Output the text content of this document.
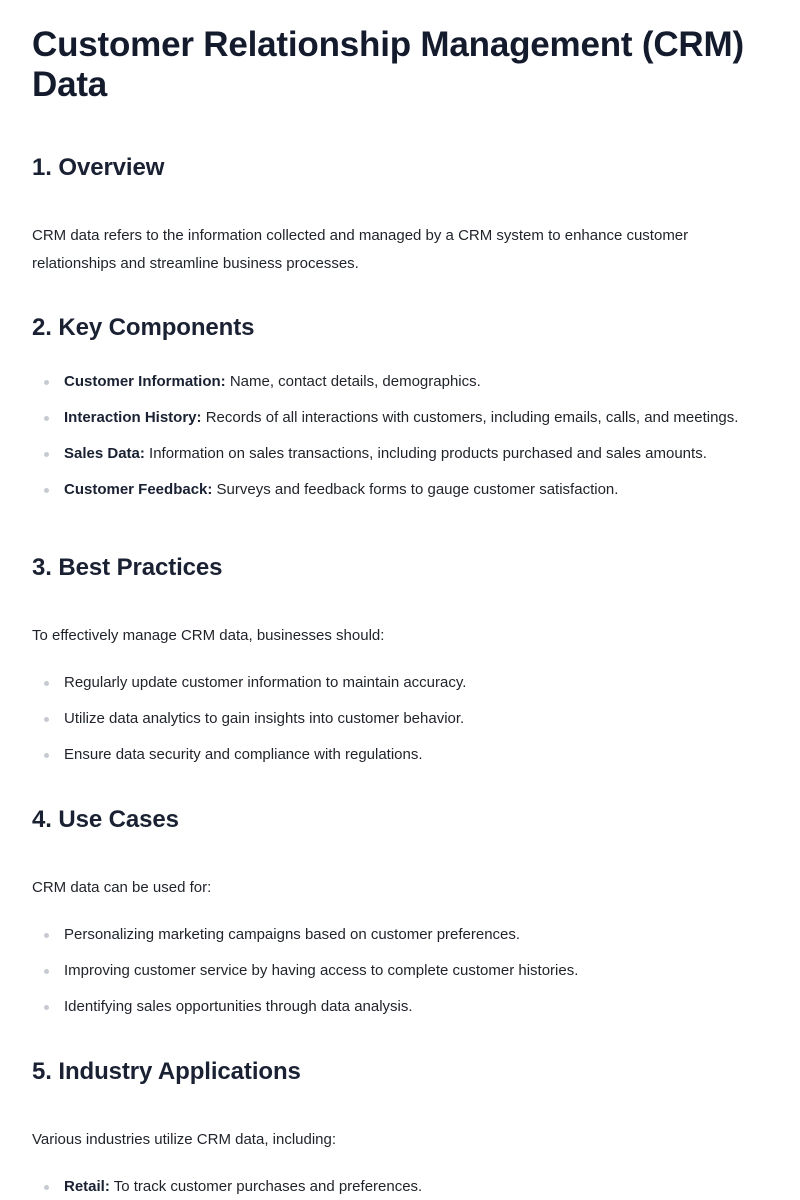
Customer Relationship Management (CRM) Data
1. Overview

CRM data refers to the information collected and managed by a CRM system to enhance customer relationships and streamline business processes.

2. Key Components
Customer Information: Name, contact details, demographics.
Interaction History: Records of all interactions with customers, including emails, calls, and meetings.
Sales Data: Information on sales transactions, including products purchased and sales amounts.
Customer Feedback: Surveys and feedback forms to gauge customer satisfaction.
3. Best Practices

To effectively manage CRM data, businesses should:

Regularly update customer information to maintain accuracy.
Utilize data analytics to gain insights into customer behavior.
Ensure data security and compliance with regulations.
4. Use Cases

CRM data can be used for:

Personalizing marketing campaigns based on customer preferences.
Improving customer service by having access to complete customer histories.
Identifying sales opportunities through data analysis.
5. Industry Applications

Various industries utilize CRM data, including:

Retail: To track customer purchases and preferences.
